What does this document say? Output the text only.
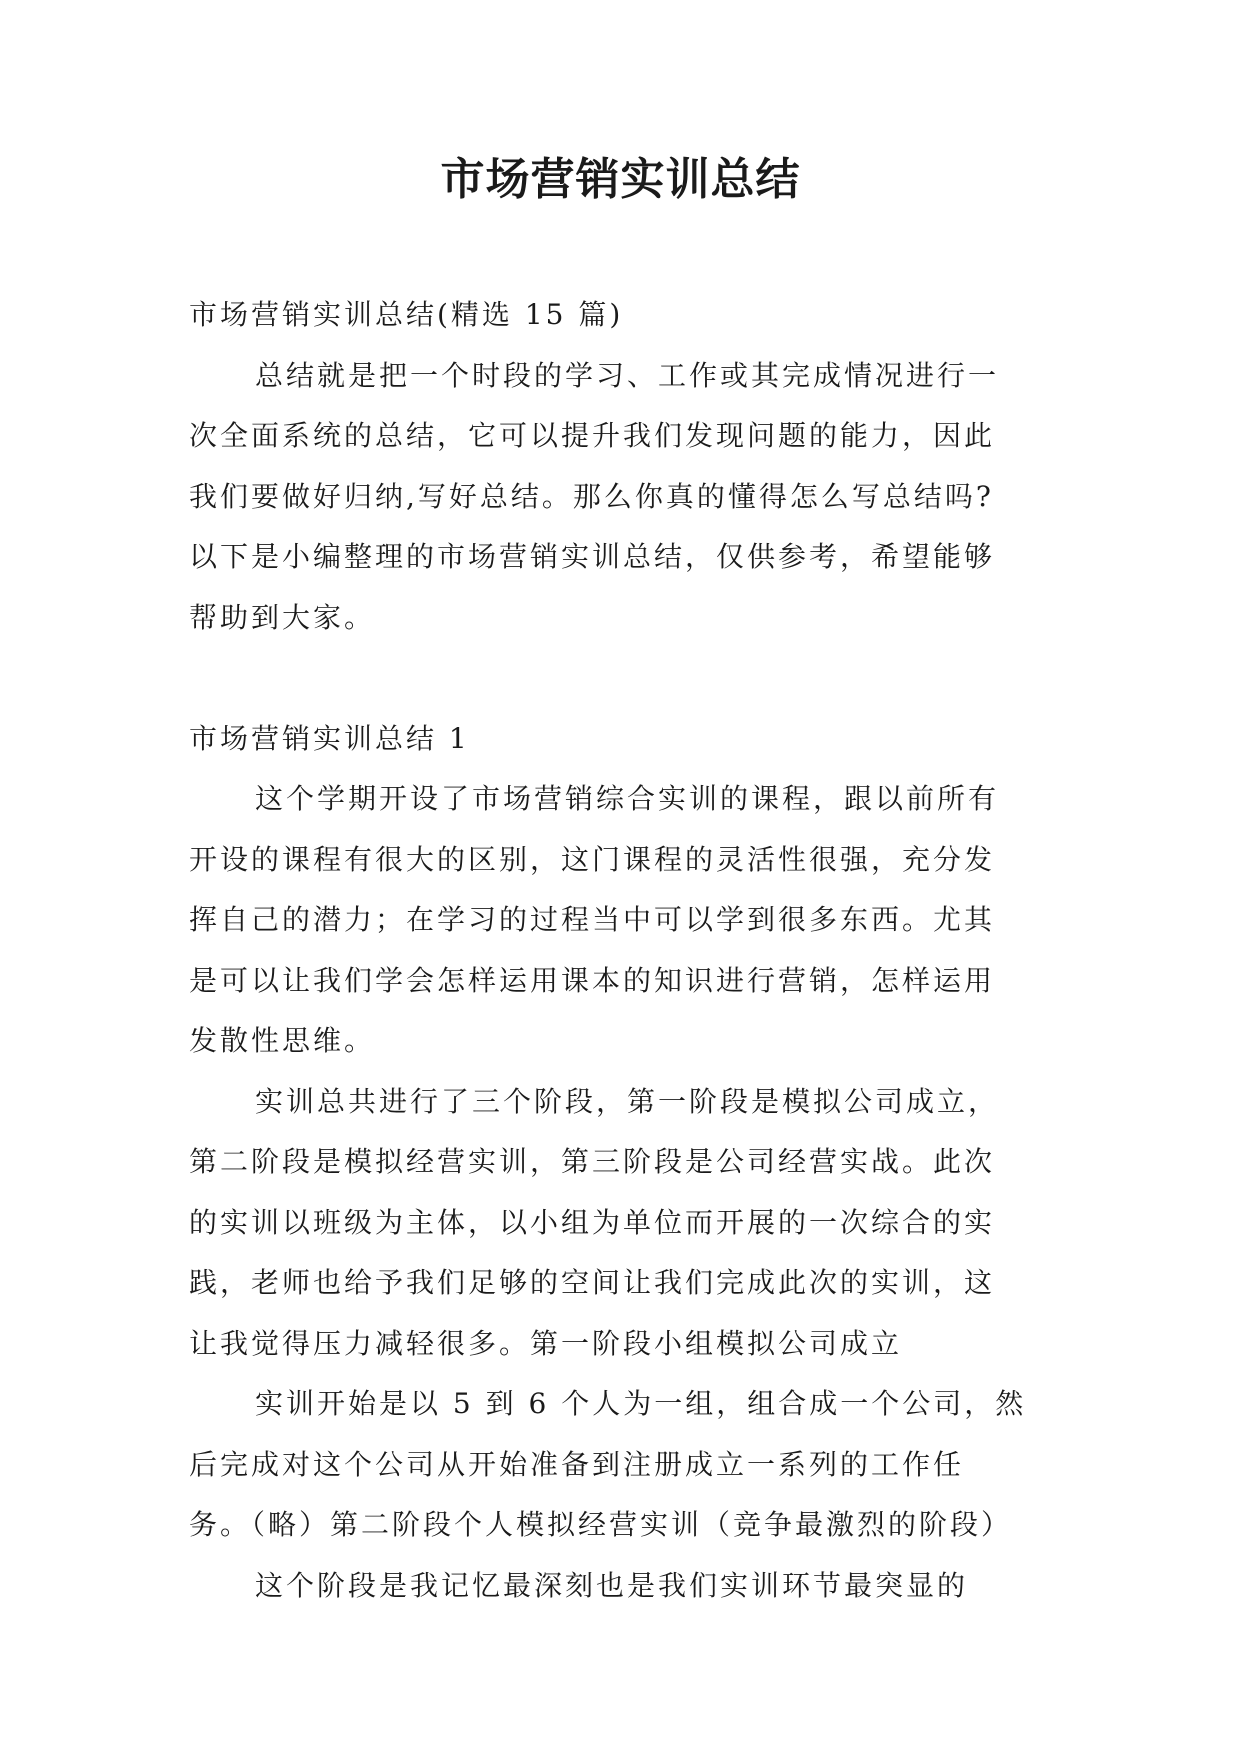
市场营销实训总结
市场营销实训总结(精选 15 篇)
总结就是把一个时段的学习、工作或其完成情况进行一
次全面系统的总结，它可以提升我们发现问题的能力，因此
我们要做好归纳,写好总结。那么你真的懂得怎么写总结吗?
以下是小编整理的市场营销实训总结，仅供参考，希望能够
帮助到大家。
市场营销实训总结 1
这个学期开设了市场营销综合实训的课程，跟以前所有
开设的课程有很大的区别，这门课程的灵活性很强，充分发
挥自己的潜力；在学习的过程当中可以学到很多东西。尤其
是可以让我们学会怎样运用课本的知识进行营销，怎样运用
发散性思维。
实训总共进行了三个阶段，第一阶段是模拟公司成立，
第二阶段是模拟经营实训，第三阶段是公司经营实战。此次
的实训以班级为主体，以小组为单位而开展的一次综合的实
践，老师也给予我们足够的空间让我们完成此次的实训，这
让我觉得压力减轻很多。第一阶段小组模拟公司成立
实训开始是以 5 到 6 个人为一组，组合成一个公司，然
后完成对这个公司从开始准备到注册成立一系列的工作任
务。（略）第二阶段个人模拟经营实训（竞争最激烈的阶段）
这个阶段是我记忆最深刻也是我们实训环节最突显的
